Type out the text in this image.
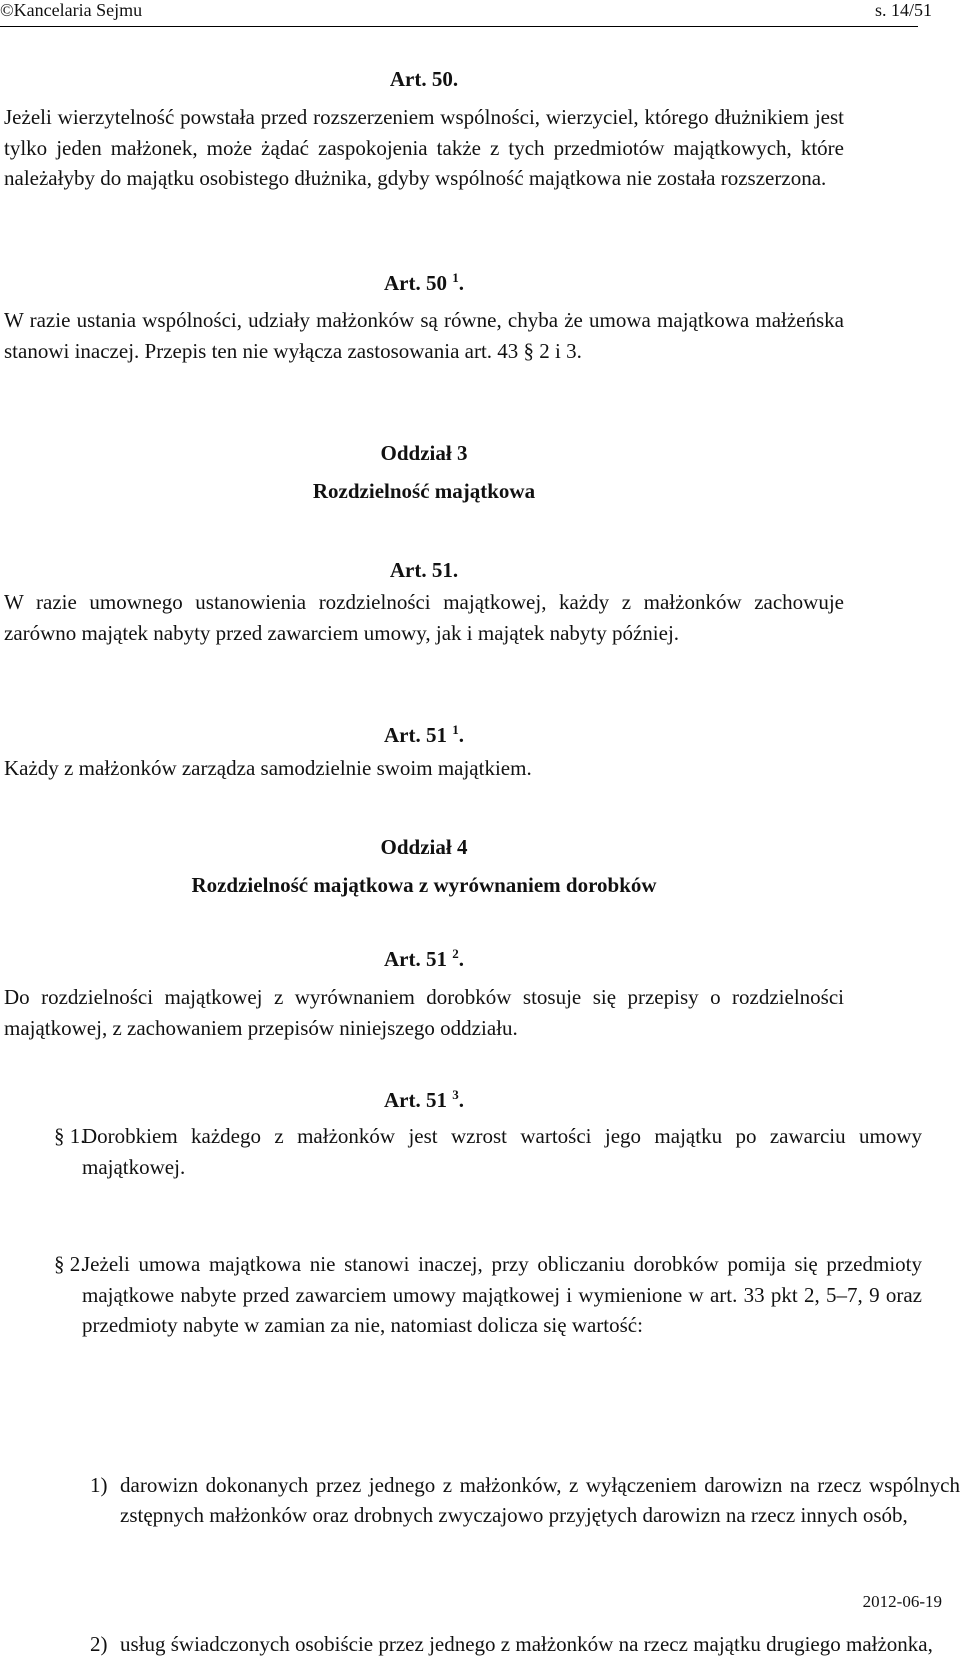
©Kancelaria Sejmu	s. 14/51

Art. 50.

Jeżeli wierzytelność powstała przed rozszerzeniem wspólności, wierzyciel, którego dłużnikiem jest tylko jeden małżonek, może żądać zaspokojenia także z tych przedmiotów majątkowych, które należałyby do majątku osobistego dłużnika, gdyby wspólność majątkowa nie została rozszerzona.

Art. 50 $^1$.

W razie ustania wspólności, udziały małżonków są równe, chyba że umowa majątkowa małżeńska stanowi inaczej. Przepis ten nie wyłącza zastosowania art. 43 § 2 i 3.

Oddział 3

Rozdzielność majątkowa

Art. 51.

W razie umownego ustanowienia rozdzielności majątkowej, każdy z małżonków zachowuje zarówno majątek nabyty przed zawarciem umowy, jak i majątek nabyty później.

Art. 51 $^1$.

Każdy z małżonków zarządza samodzielnie swoim majątkiem.

Oddział 4

Rozdzielność majątkowa z wyrównaniem dorobków

Art. 51 $^2$.

Do rozdzielności majątkowej z wyrównaniem dorobków stosuje się przepisy o rozdzielności majątkowej, z zachowaniem przepisów niniejszego oddziału.

Art. 51 $^3$.

§ 1.
Dorobkiem każdego z małżonków jest wzrost wartości jego majątku po zawarciu umowy majątkowej.

§ 2.
Jeżeli umowa majątkowa nie stanowi inaczej, przy obliczaniu dorobków pomija się przedmioty majątkowe nabyte przed zawarciem umowy majątkowej i wymienione w art. 33 pkt 2, 5–7, 9 oraz przedmioty nabyte w zamian za nie, natomiast dolicza się wartość:

1) darowizn dokonanych przez jednego z małżonków, z wyłączeniem darowizn na rzecz wspólnych zstępnych małżonków oraz drobnych zwyczajowo przyjętych darowizn na rzecz innych osób,

2) usług świadczonych osobiście przez jednego z małżonków na rzecz majątku drugiego małżonka,

2012-06-19
